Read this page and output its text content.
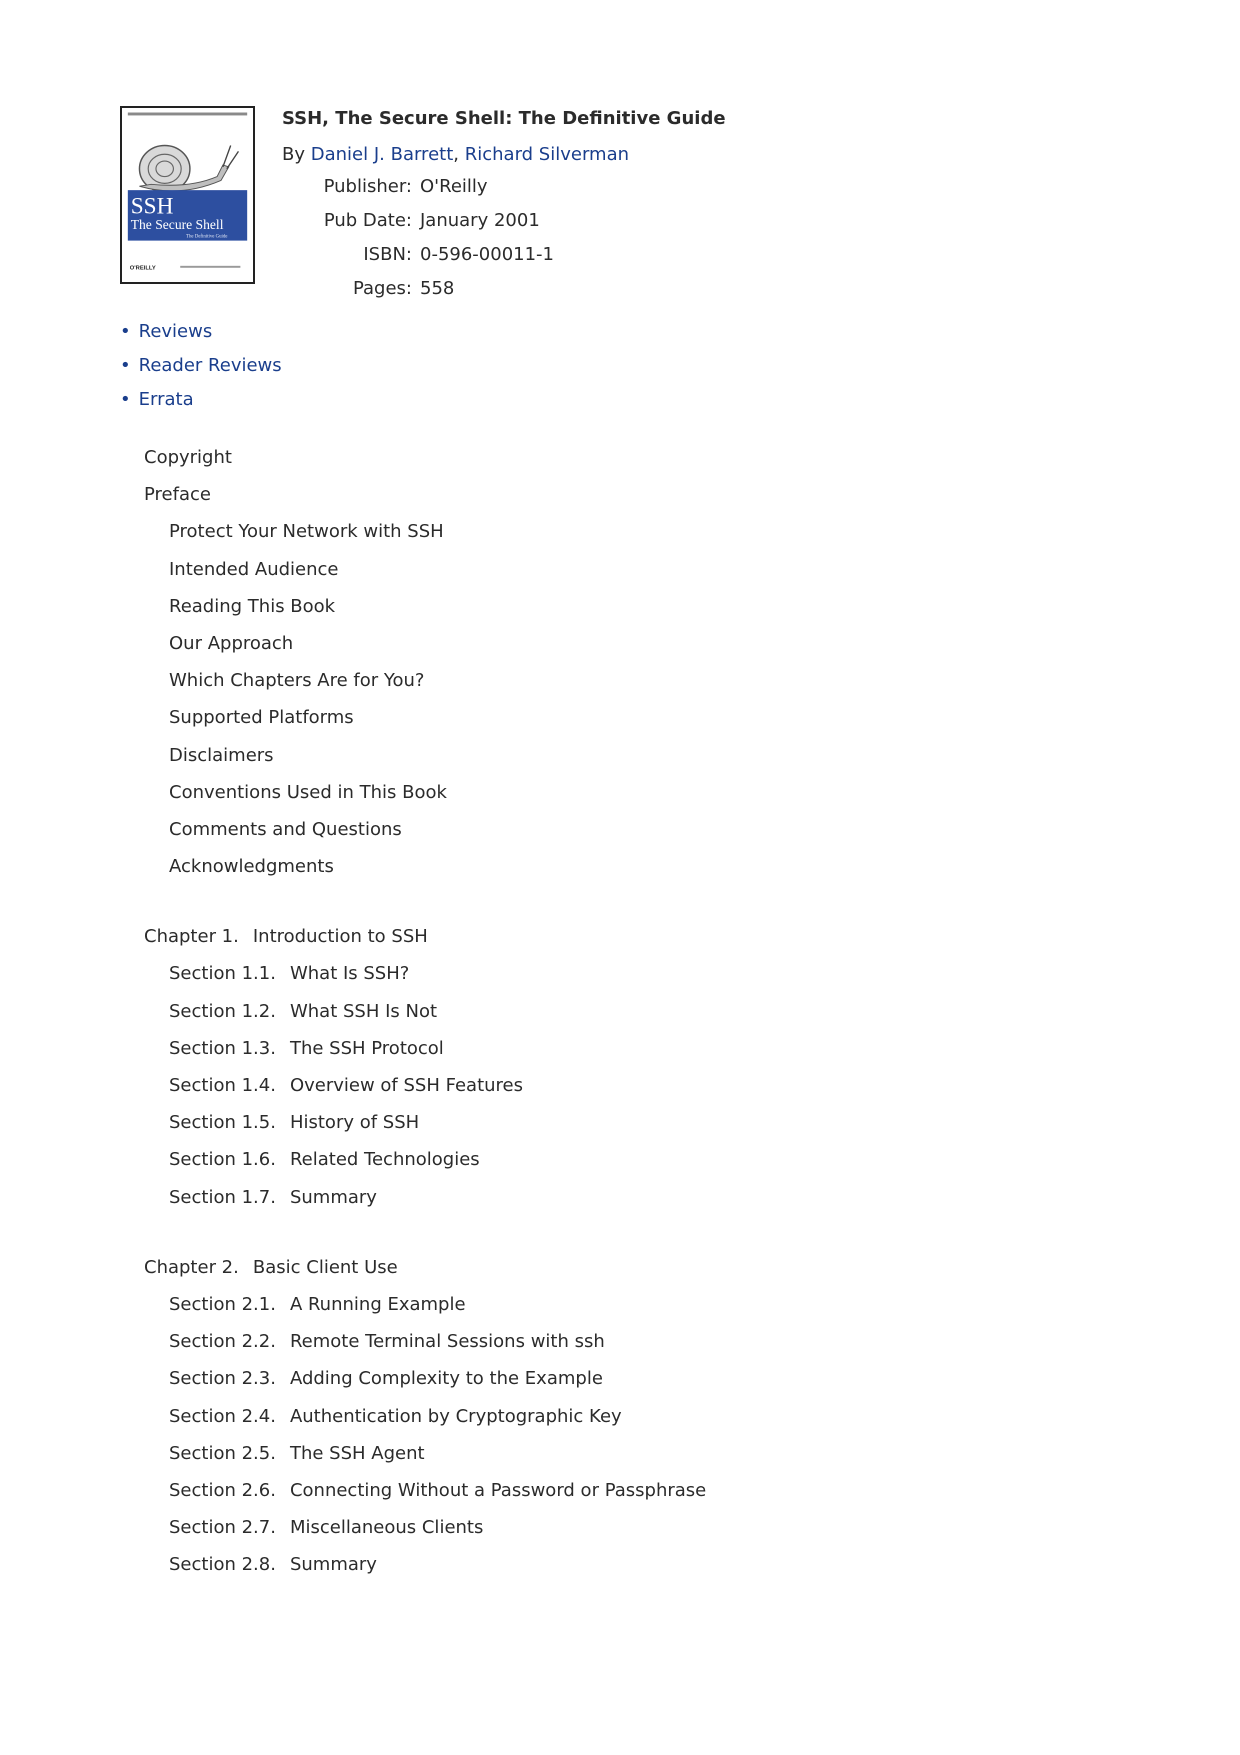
SSH
The Secure Shell
The Definitive Guide
O'REILLY
SSH, The Secure Shell: The Definitive Guide
By Daniel J. Barrett, Richard Silverman
Publisher: O'Reilly
Pub Date: January 2001
ISBN: 0-596-00011-1
Pages: 558
• Reviews
• Reader Reviews
• Errata
Copyright
Preface
Protect Your Network with SSH
Intended Audience
Reading This Book
Our Approach
Which Chapters Are for You?
Supported Platforms
Disclaimers
Conventions Used in This Book
Comments and Questions
Acknowledgments
Chapter 1. Introduction to SSH
Section 1.1. What Is SSH?
Section 1.2. What SSH Is Not
Section 1.3. The SSH Protocol
Section 1.4. Overview of SSH Features
Section 1.5. History of SSH
Section 1.6. Related Technologies
Section 1.7. Summary
Chapter 2. Basic Client Use
Section 2.1. A Running Example
Section 2.2. Remote Terminal Sessions with ssh
Section 2.3. Adding Complexity to the Example
Section 2.4. Authentication by Cryptographic Key
Section 2.5. The SSH Agent
Section 2.6. Connecting Without a Password or Passphrase
Section 2.7. Miscellaneous Clients
Section 2.8. Summary
